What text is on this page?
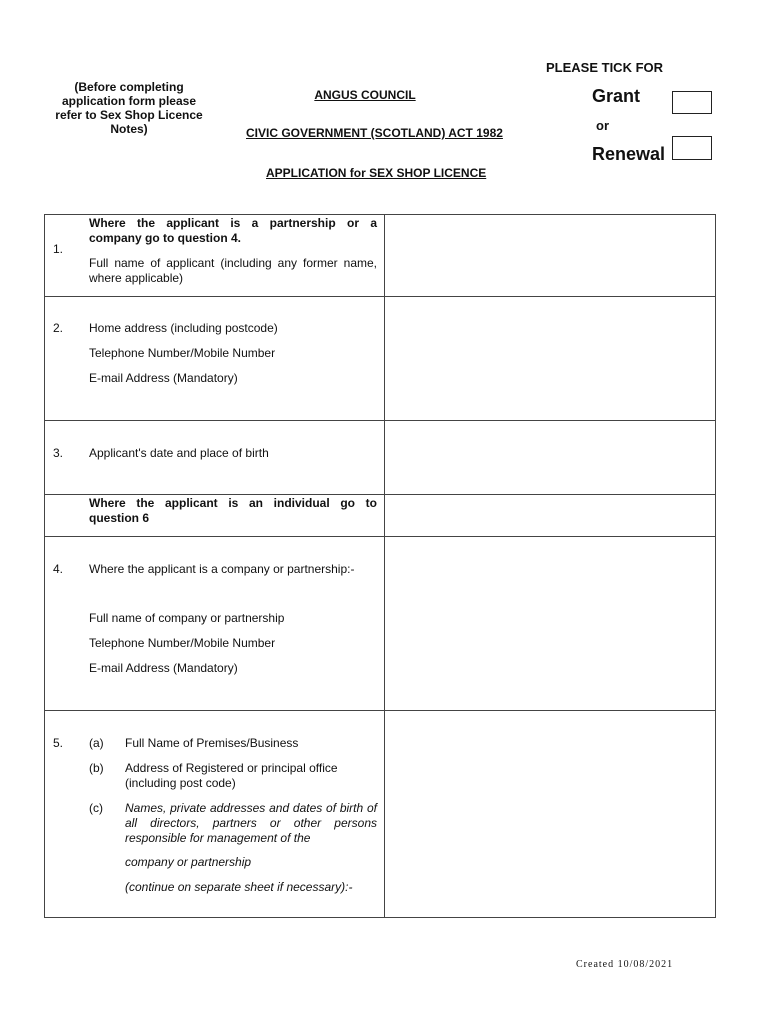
(Before completing application form please refer to Sex Shop Licence Notes)
PLEASE TICK FOR
ANGUS COUNCIL
CIVIC GOVERNMENT (SCOTLAND) ACT 1982
APPLICATION for SEX SHOP LICENCE
Grant
or
Renewal
1.
Where the applicant is a partnership or a company go to question 4.
Full name of applicant (including any former name, where applicable)
2. Home address (including postcode)
Telephone Number/Mobile Number
E-mail Address (Mandatory)
3. Applicant's date and place of birth
Where the applicant is an individual go to question 6
4. Where the applicant is a company or partnership:-
Full name of company or partnership
Telephone Number/Mobile Number
E-mail Address (Mandatory)
5. (a) Full Name of Premises/Business
(b) Address of Registered or principal office (including post code)
(c) Names, private addresses and dates of birth of all directors, partners or other persons responsible for management of the
company or partnership
(continue on separate sheet if necessary):-
Created 10/08/2021
